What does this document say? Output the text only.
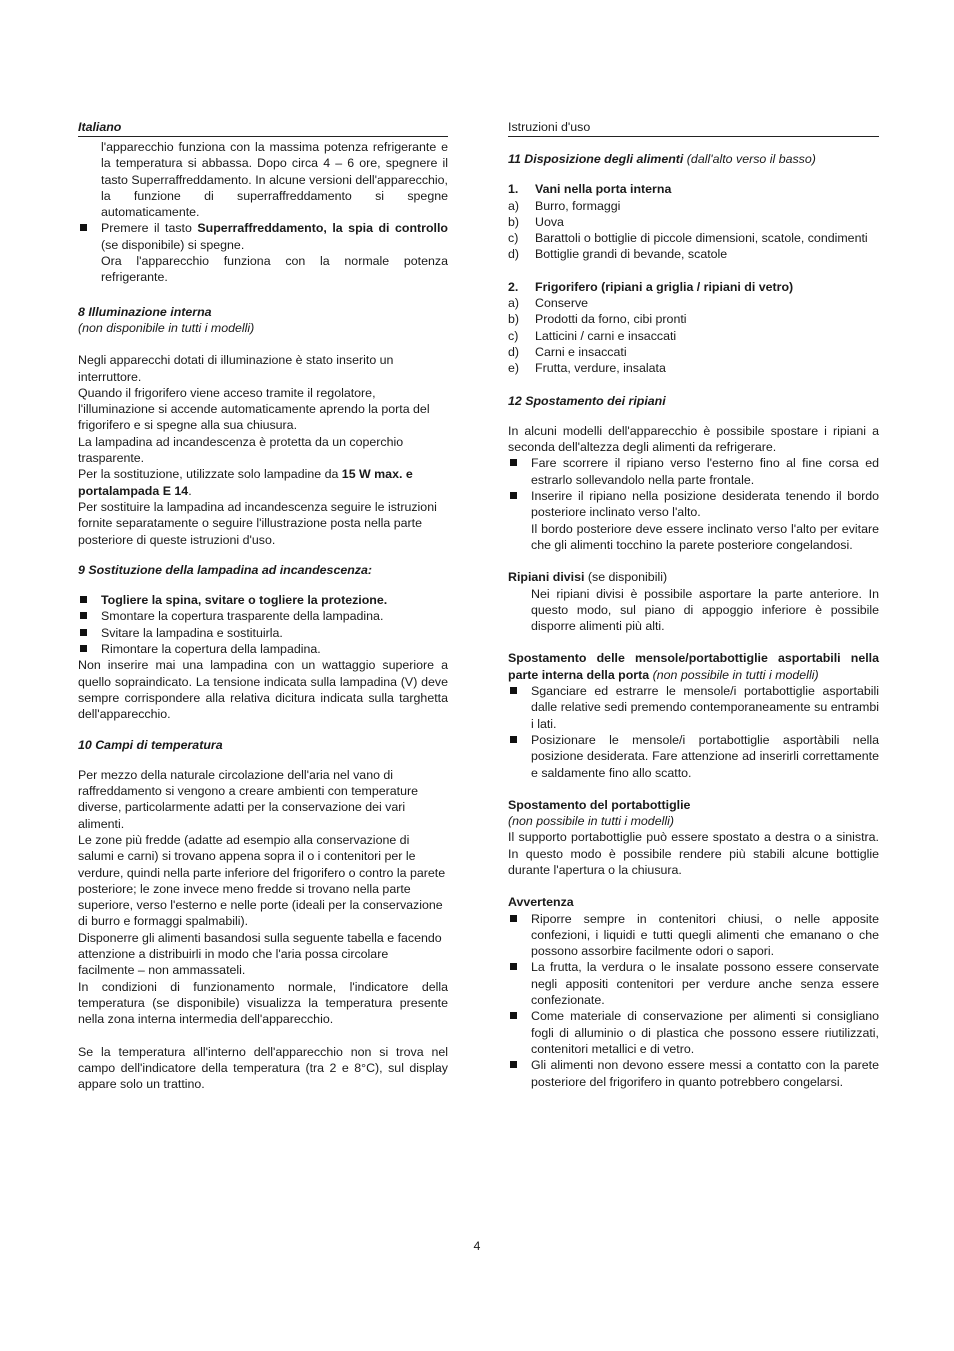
Italiano

l'apparecchio funziona con la massima potenza refrigerante e la temperatura si abbassa. Dopo circa 4 – 6 ore, spegnere il tasto Superraffreddamento. In alcune versioni dell'apparecchio, la funzione di superraffreddamento si spegne automaticamente.

Premere il tasto Superraffreddamento, la spia di controllo (se disponibile) si spegne.
Ora l'apparecchio funziona con la normale potenza refrigerante.
8 Illuminazione interna
(non disponibile in tutti i modelli)

Negli apparecchi dotati di illuminazione è stato inserito un interruttore.

Quando il frigorifero viene acceso tramite il regolatore, l'illuminazione si accende automaticamente aprendo la porta del frigorifero e si spegne alla sua chiusura.

La lampadina ad incandescenza è protetta da un coperchio trasparente.

Per la sostituzione, utilizzate solo lampadine da 15 W max. e portalampada E 14.

Per sostituire la lampadina ad incandescenza seguire le istruzioni fornite separatamente o seguire l'illustrazione posta nella parte posteriore di queste istruzioni d'uso.

9 Sostituzione della lampadina ad incandescenza:
Togliere la spina, svitare o togliere la protezione.
Smontare la copertura trasparente della lampadina.
Svitare la lampadina e sostituirla.
Rimontare la copertura della lampadina.

Non inserire mai una lampadina con un wattaggio superiore a quello sopraindicato. La tensione indicata sulla lampadina (V) deve sempre corrispondere alla relativa dicitura indicata sulla targhetta dell'apparecchio.

10 Campi di temperatura

Per mezzo della naturale circolazione dell'aria nel vano di raffreddamento si vengono a creare ambienti con temperature diverse, particolarmente adatti per la conservazione dei vari alimenti.

Le zone più fredde (adatte ad esempio alla conservazione di salumi e carni) si trovano appena sopra il o i contenitori per le verdure, quindi nella parte inferiore del frigorifero o contro la parete posteriore; le zone invece meno fredde si trovano nella parte superiore, verso l'esterno e nelle porte (ideali per la conservazione di burro e formaggi spalmabili).

Disponerre gli alimenti basandosi sulla seguente tabella e facendo attenzione a distribuirli in modo che l'aria possa circolare facilmente – non ammassateli.

In condizioni di funzionamento normale, l'indicatore della temperatura (se disponibile) visualizza la temperatura presente nella zona interna intermedia dell'apparecchio.

Se la temperatura all'interno dell'apparecchio non si trova nel campo dell'indicatore della temperatura (tra 2 e 8°C), sul display appare solo un trattino.

Istruzioni d'uso
11 Disposizione degli alimenti (dall'alto verso il basso)
1. Vani nella porta interna
a) Burro, formaggi
b) Uova
c) Barattoli o bottiglie di piccole dimensioni, scatole, condimenti
d) Bottiglie grandi di bevande, scatole
2. Frigorifero (ripiani a griglia / ripiani di vetro)
a) Conserve
b) Prodotti da forno, cibi pronti
c) Latticini / carni e insaccati
d) Carni e insaccati
e) Frutta, verdure, insalata
12 Spostamento dei ripiani

In alcuni modelli dell'apparecchio è possibile spostare i ripiani a seconda dell'altezza degli alimenti da refrigerare.

Fare scorrere il ripiano verso l'esterno fino al fine corsa ed estrarlo sollevandolo nella parte frontale.
Inserire il ripiano nella posizione desiderata tenendo il bordo posteriore inclinato verso l'alto.

Il bordo posteriore deve essere inclinato verso l'alto per evitare che gli alimenti tocchino la parete posteriore congelandosi.

Ripiani divisi (se disponibili)

Nei ripiani divisi è possibile asportare la parte anteriore. In questo modo, sul piano di appoggio inferiore è possibile disporre alimenti più alti.

Spostamento delle mensole/portabottiglie asportabili nella parte interna della porta (non possibile in tutti i modelli)

Sganciare ed estrarre le mensole/i portabottiglie asportabili dalle relative sedi premendo contemporaneamente su entrambi i lati.
Posizionare le mensole/i portabottiglie asportàbili nella posizione desiderata. Fare attenzione ad inserirli correttamente e saldamente fino allo scatto.
Spostamento del portabottiglie
(non possibile in tutti i modelli)

Il supporto portabottiglie può essere spostato a destra o a sinistra. In questo modo è possibile rendere più stabili alcune bottiglie durante l'apertura o la chiusura.

Avvertenza
Riporre sempre in contenitori chiusi, o nelle apposite confezioni, i liquidi e tutti quegli alimenti che emanano o che possono assorbire facilmente odori o sapori.
La frutta, la verdura o le insalate possono essere conservate negli appositi contenitori per verdure anche senza essere confezionate.
Come materiale di conservazione per alimenti si consigliano fogli di alluminio o di plastica che possono essere riutilizzati, contenitori metallici e di vetro.
Gli alimenti non devono essere messi a contatto con la parete posteriore del frigorifero in quanto potrebbero congelarsi.
4
